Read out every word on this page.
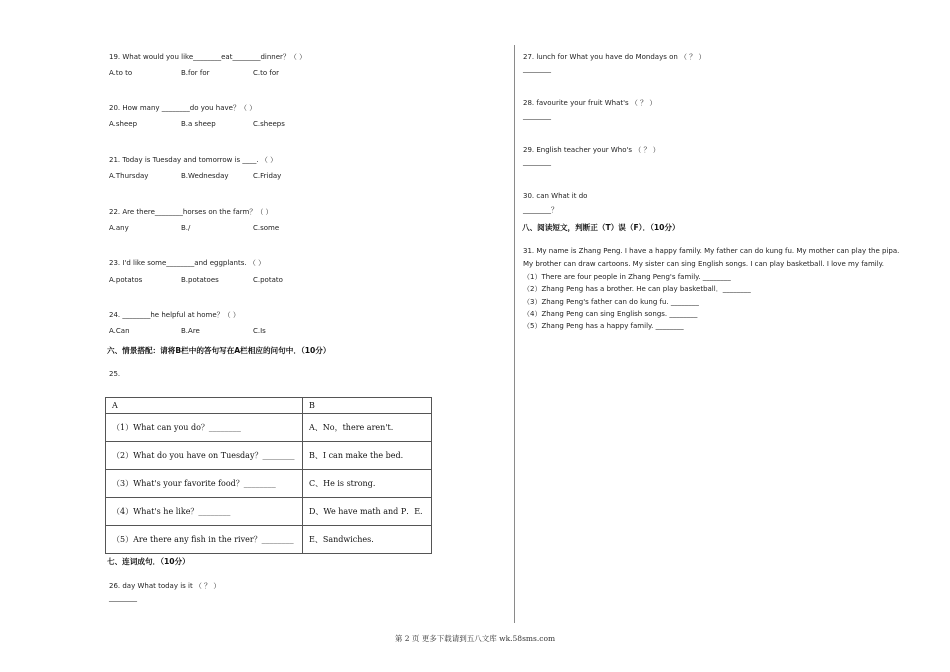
19. What would you like________eat________dinner？（ ）
A.to to	B.for for	C.to for
20. How many ________do you have？（ ）
A.sheep	B.a sheep	C.sheeps
21. Today is Tuesday and tomorrow is ____. （ ）
A.Thursday	B.Wednesday	C.Friday
22. Are there________horses on the farm？（ ）
A.any	B./	C.some
23. I'd like some________and eggplants. （ ）
A.potatos	B.potatoes	C.potato
24. ________he helpful at home？（ ）
A.Can	B.Are	C.Is
六、情景搭配：请将B栏中的答句写在A栏相应的问句中．（10分）
25.
A	B
（1）What can you do？________	A、No，there aren't.
（2）What do you have on Tuesday？________	B、I can make the bed.
（3）What's your favorite food？________	C、He is strong.
（4）What's he like？________	D、We have math and P．E.
（5）Are there any fish in the river？________	E、Sandwiches.
七、连词成句．（10分）
26. day What today is it （ ？ ）
________
27. lunch for What you have do Mondays on （ ？ ）
________
28. favourite your fruit What's （ ？ ）
________
29. English teacher your Who's （ ？ ）
________
30. can What it do
________？
八、阅读短文，判断正（T）误（F）．（10分）
31. My name is Zhang Peng. I have a happy family. My father can do kung fu. My mother can play the pipa.
My brother can draw cartoons. My sister can sing English songs. I can play basketball. I love my family.
（1）There are four people in Zhang Peng's family. ________
（2）Zhang Peng has a brother. He can play basketball．________
（3）Zhang Peng's father can do kung fu. ________
（4）Zhang Peng can sing English songs. ________
（5）Zhang Peng has a happy family. ________
第 2 页 更多下载请到五八文库 wk.58sms.com
